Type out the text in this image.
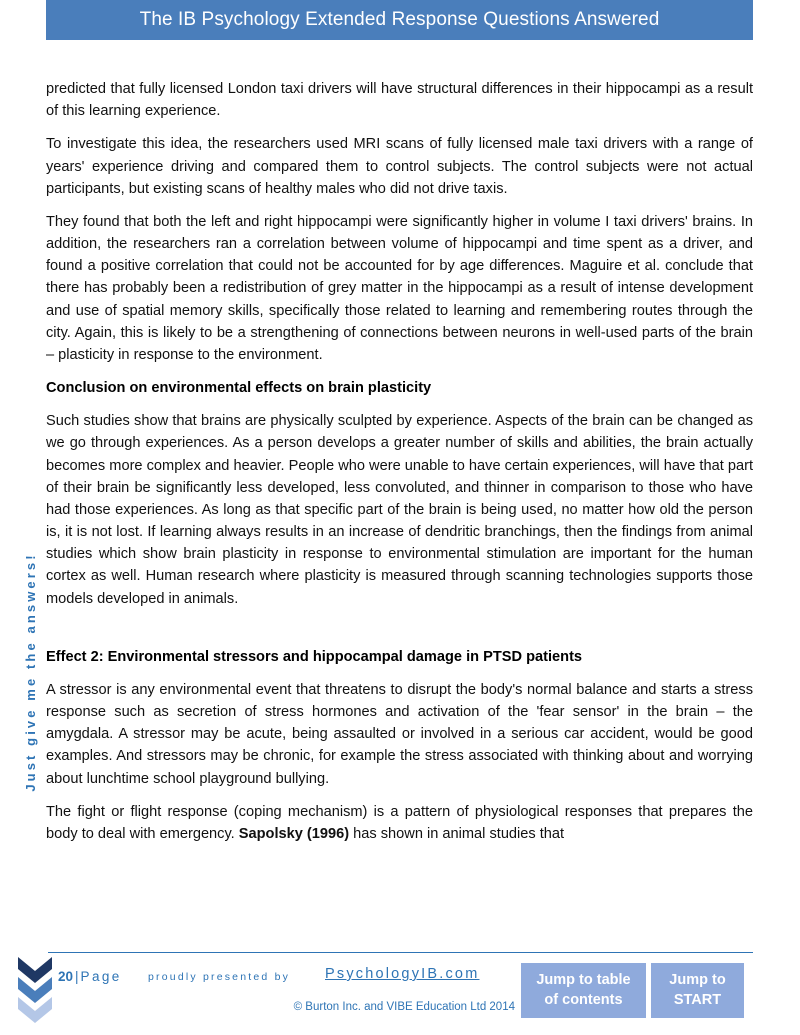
The IB Psychology Extended Response Questions Answered
Just give me the answers!

predicted that fully licensed London taxi drivers will have structural differences in their hippocampi as a result of this learning experience.

To investigate this idea, the researchers used MRI scans of fully licensed male taxi drivers with a range of years' experience driving and compared them to control subjects. The control subjects were not actual participants, but existing scans of healthy males who did not drive taxis.

They found that both the left and right hippocampi were significantly higher in volume I taxi drivers' brains. In addition, the researchers ran a correlation between volume of hippocampi and time spent as a driver, and found a positive correlation that could not be accounted for by age differences. Maguire et al. conclude that there has probably been a redistribution of grey matter in the hippocampi as a result of intense development and use of spatial memory skills, specifically those related to learning and remembering routes through the city. Again, this is likely to be a strengthening of connections between neurons in well-used parts of the brain – plasticity in response to the environment.

Conclusion on environmental effects on brain plasticity

Such studies show that brains are physically sculpted by experience. Aspects of the brain can be changed as we go through experiences. As a person develops a greater number of skills and abilities, the brain actually becomes more complex and heavier. People who were unable to have certain experiences, will have that part of their brain be significantly less developed, less convoluted, and thinner in comparison to those who have had those experiences. As long as that specific part of the brain is being used, no matter how old the person is, it is not lost. If learning always results in an increase of dendritic branchings, then the findings from animal studies which show brain plasticity in response to environmental stimulation are important for the human cortex as well. Human research where plasticity is measured through scanning technologies supports those models developed in animals.

Effect 2: Environmental stressors and hippocampal damage in PTSD patients

A stressor is any environmental event that threatens to disrupt the body's normal balance and starts a stress response such as secretion of stress hormones and activation of the 'fear sensor' in the brain – the amygdala. A stressor may be acute, being assaulted or involved in a serious car accident, would be good examples. And stressors may be chronic, for example the stress associated with thinking about and worrying about lunchtime school playground bullying.

The fight or flight response (coping mechanism) is a pattern of physiological responses that prepares the body to deal with emergency. Sapolsky (1996) has shown in animal studies that

20 | Page	proudly presented by PsychologyIB.com
© Burton Inc. and VIBE Education Ltd 2014
Jump to table
of contents
Jump to
START
